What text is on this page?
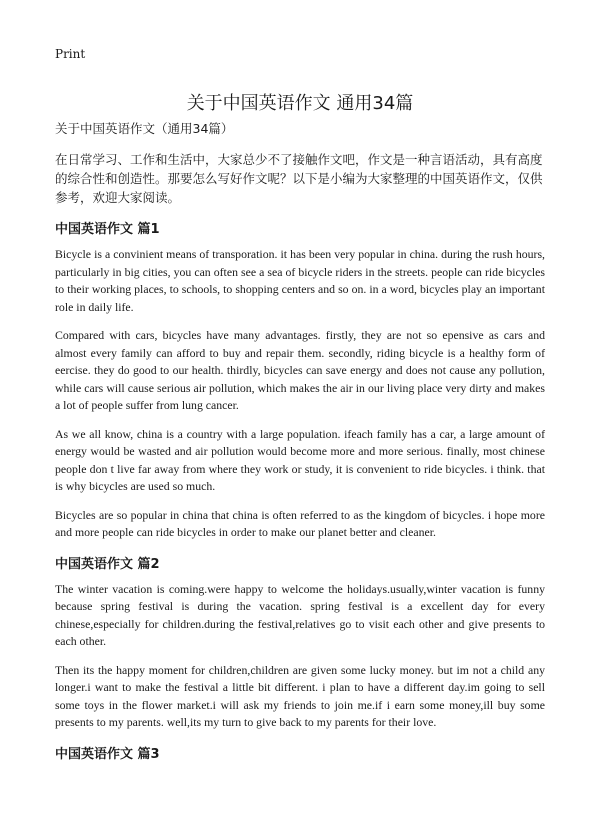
Print
关于中国英语作文 通用34篇

关于中国英语作文（通用34篇）

在日常学习、工作和生活中，大家总少不了接触作文吧，作文是一种言语活动，具有高度的综合性和创造性。那要怎么写好作文呢？以下是小编为大家整理的中国英语作文，仅供参考，欢迎大家阅读。

中国英语作文 篇1

Bicycle is a convinient means of transporation. it has been very popular in china. during the rush hours, particularly in big cities, you can often see a sea of bicycle riders in the streets. people can ride bicycles to their working places, to schools, to shopping centers and so on. in a word, bicycles play an important role in daily life.

Compared with cars, bicycles have many advantages. firstly, they are not so epensive as cars and almost every family can afford to buy and repair them. secondly, riding bicycle is a healthy form of eercise. they do good to our health. thirdly, bicycles can save energy and does not cause any pollution, while cars will cause serious air pollution, which makes the air in our living place very dirty and makes a lot of people suffer from lung cancer.

As we all know, china is a country with a large population. ifeach family has a car, a large amount of energy would be wasted and air pollution would become more and more serious. finally, most chinese people don t live far away from where they work or study, it is convenient to ride bicycles. i think. that is why bicycles are used so much.

Bicycles are so popular in china that china is often referred to as the kingdom of bicycles. i hope more and more people can ride bicycles in order to make our planet better and cleaner.

中国英语作文 篇2

The winter vacation is coming.were happy to welcome the holidays.usually,winter vacation is funny because spring festival is during the vacation. spring festival is a excellent day for every chinese,especially for children.during the festival,relatives go to visit each other and give presents to each other.

Then its the happy moment for children,children are given some lucky money. but im not a child any longer.i want to make the festival a little bit different. i plan to have a different day.im going to sell some toys in the flower market.i will ask my friends to join me.if i earn some money,ill buy some presents to my parents. well,its my turn to give back to my parents for their love.

中国英语作文 篇3
